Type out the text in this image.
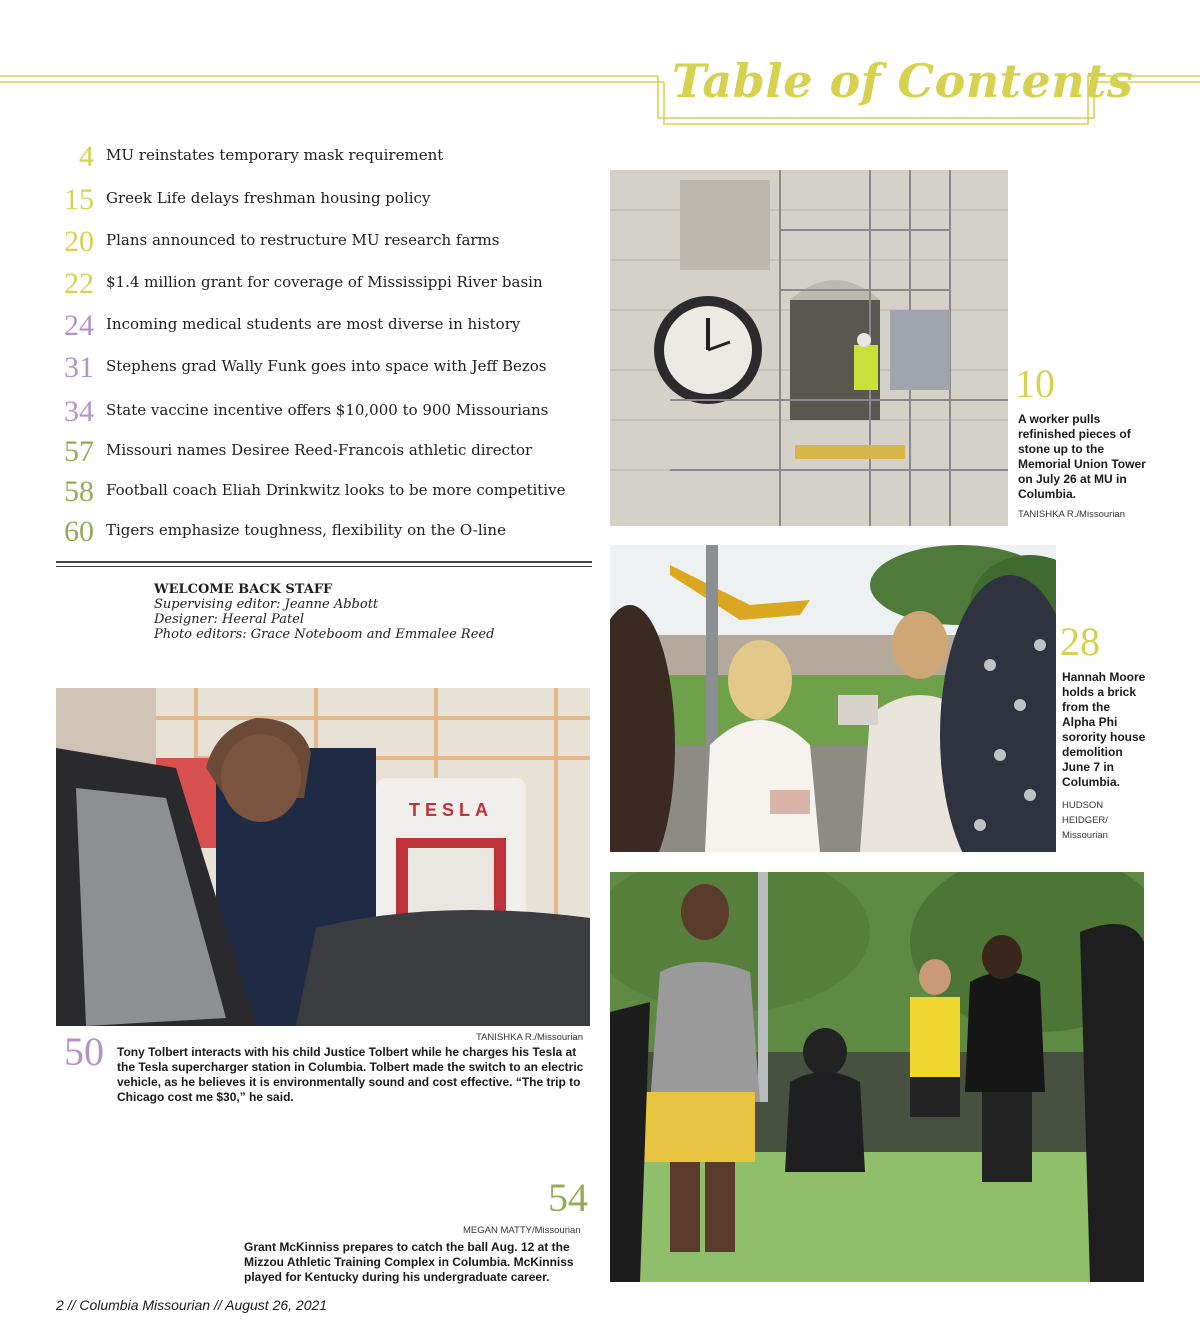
Table of Contents
4 MU reinstates temporary mask requirement
15 Greek Life delays freshman housing policy
20 Plans announced to restructure MU research farms
22 $1.4 million grant for coverage of Mississippi River basin
24 Incoming medical students are most diverse in history
31 Stephens grad Wally Funk goes into space with Jeff Bezos
34 State vaccine incentive offers $10,000 to 900 Missourians
57 Missouri names Desiree Reed-Francois athletic director
58 Football coach Eliah Drinkwitz looks to be more competitive
60 Tigers emphasize toughness, flexibility on the O-line
WELCOME BACK STAFF
Supervising editor: Jeanne Abbott
Designer: Heeral Patel
Photo editors: Grace Noteboom and Emmalee Reed
10
A worker pulls refinished pieces of stone up to the Memorial Union Tower on July 26 at MU in Columbia.
TANISHKA R./Missourian
28
Hannah Moore holds a brick from the Alpha Phi sorority house demolition June 7 in Columbia.
HUDSON HEIDGER/ Missourian
TESLA
TANISHKA R./Missourian
50 Tony Tolbert interacts with his child Justice Tolbert while he charges his Tesla at the Tesla supercharger station in Columbia. Tolbert made the switch to an electric vehicle, as he believes it is environmentally sound and cost effective. “The trip to Chicago cost me $30,” he said.
54
MEGAN MATTY/Missourian
Grant McKinniss prepares to catch the ball Aug. 12 at the Mizzou Athletic Training Complex in Columbia. McKinniss played for Kentucky during his undergraduate career.
2 // Columbia Missourian // August 26, 2021
